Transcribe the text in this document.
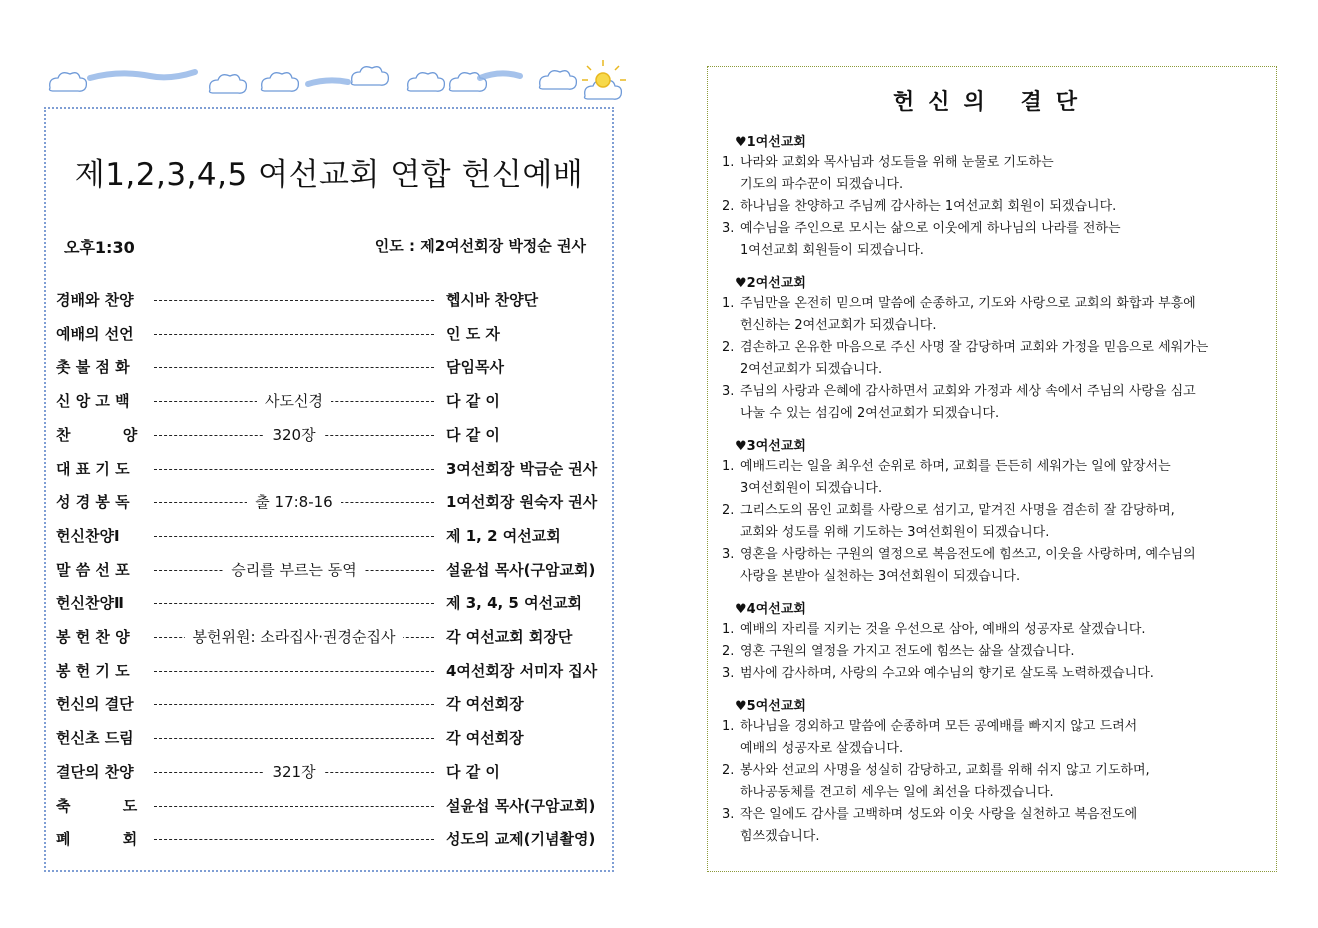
제1,2,3,4,5 여선교회 연합 헌신예배
오후1:30	인도 : 제2여선회장 박정순 권사
경배와 찬양	헵시바 찬양단
예배의 선언	인 도 자
촛 불 점 화	담임목사
신 앙 고 백	사도신경	다 같 이
찬          양	320장	다 같 이
대 표 기 도	3여선회장 박금순 권사
성 경 봉 독	출 17:8-16	1여선회장 원숙자 권사
헌신찬양Ⅰ	제 1, 2 여선교회
말 씀 선 포	승리를 부르는 동역	설윤섭 목사(구암교회)
헌신찬양Ⅱ	제 3, 4, 5 여선교회
봉 헌 찬 양	봉헌위원: 소라집사·권경순집사	각 여선교회 회장단
봉 헌 기 도	4여선회장 서미자 집사
헌신의 결단	각 여선회장
헌신초 드림	각 여선회장
결단의 찬양	321장	다 같 이
축          도	설윤섭 목사(구암교회)
폐          회	성도의 교제(기념촬영)
헌신의 결단
♥1여선교회
1. 나라와 교회와 목사님과 성도들을 위해 눈물로 기도하는
기도의 파수꾼이 되겠습니다.
2. 하나님을 찬양하고 주님께 감사하는 1여선교회 회원이 되겠습니다.
3. 예수님을 주인으로 모시는 삶으로 이웃에게 하나님의 나라를 전하는
1여선교회 회원들이 되겠습니다.
♥2여선교회
1. 주님만을 온전히 믿으며 말씀에 순종하고, 기도와 사랑으로 교회의 화합과 부흥에
헌신하는 2여선교회가 되겠습니다.
2. 겸손하고 온유한 마음으로 주신 사명 잘 감당하며 교회와 가정을 믿음으로 세워가는
2여선교회가 되겠습니다.
3. 주님의 사랑과 은혜에 감사하면서 교회와 가정과 세상 속에서 주님의 사랑을 심고
나눌 수 있는 섬김에 2여선교회가 되겠습니다.
♥3여선교회
1. 예배드리는 일을 최우선 순위로 하며, 교회를 든든히 세워가는 일에 앞장서는
3여선회원이 되겠습니다.
2. 그리스도의 몸인 교회를 사랑으로 섬기고, 맡겨진 사명을 겸손히 잘 감당하며,
교회와 성도를 위해 기도하는 3여선회원이 되겠습니다.
3. 영혼을 사랑하는 구원의 열정으로 복음전도에 힘쓰고, 이웃을 사랑하며, 예수님의
사랑을 본받아 실천하는 3여선회원이 되겠습니다.
♥4여선교회
1. 예배의 자리를 지키는 것을 우선으로 삼아, 예배의 성공자로 살겠습니다.
2. 영혼 구원의 열정을 가지고 전도에 힘쓰는 삶을 살겠습니다.
3. 범사에 감사하며, 사랑의 수고와 예수님의 향기로 살도록 노력하겠습니다.
♥5여선교회
1. 하나님을 경외하고 말씀에 순종하며 모든 공예배를 빠지지 않고 드려서
예배의 성공자로 살겠습니다.
2. 봉사와 선교의 사명을 성실히 감당하고, 교회를 위해 쉬지 않고 기도하며,
하나공동체를 견고히 세우는 일에 최선을 다하겠습니다.
3. 작은 일에도 감사를 고백하며 성도와 이웃 사랑을 실천하고 복음전도에
힘쓰겠습니다.
